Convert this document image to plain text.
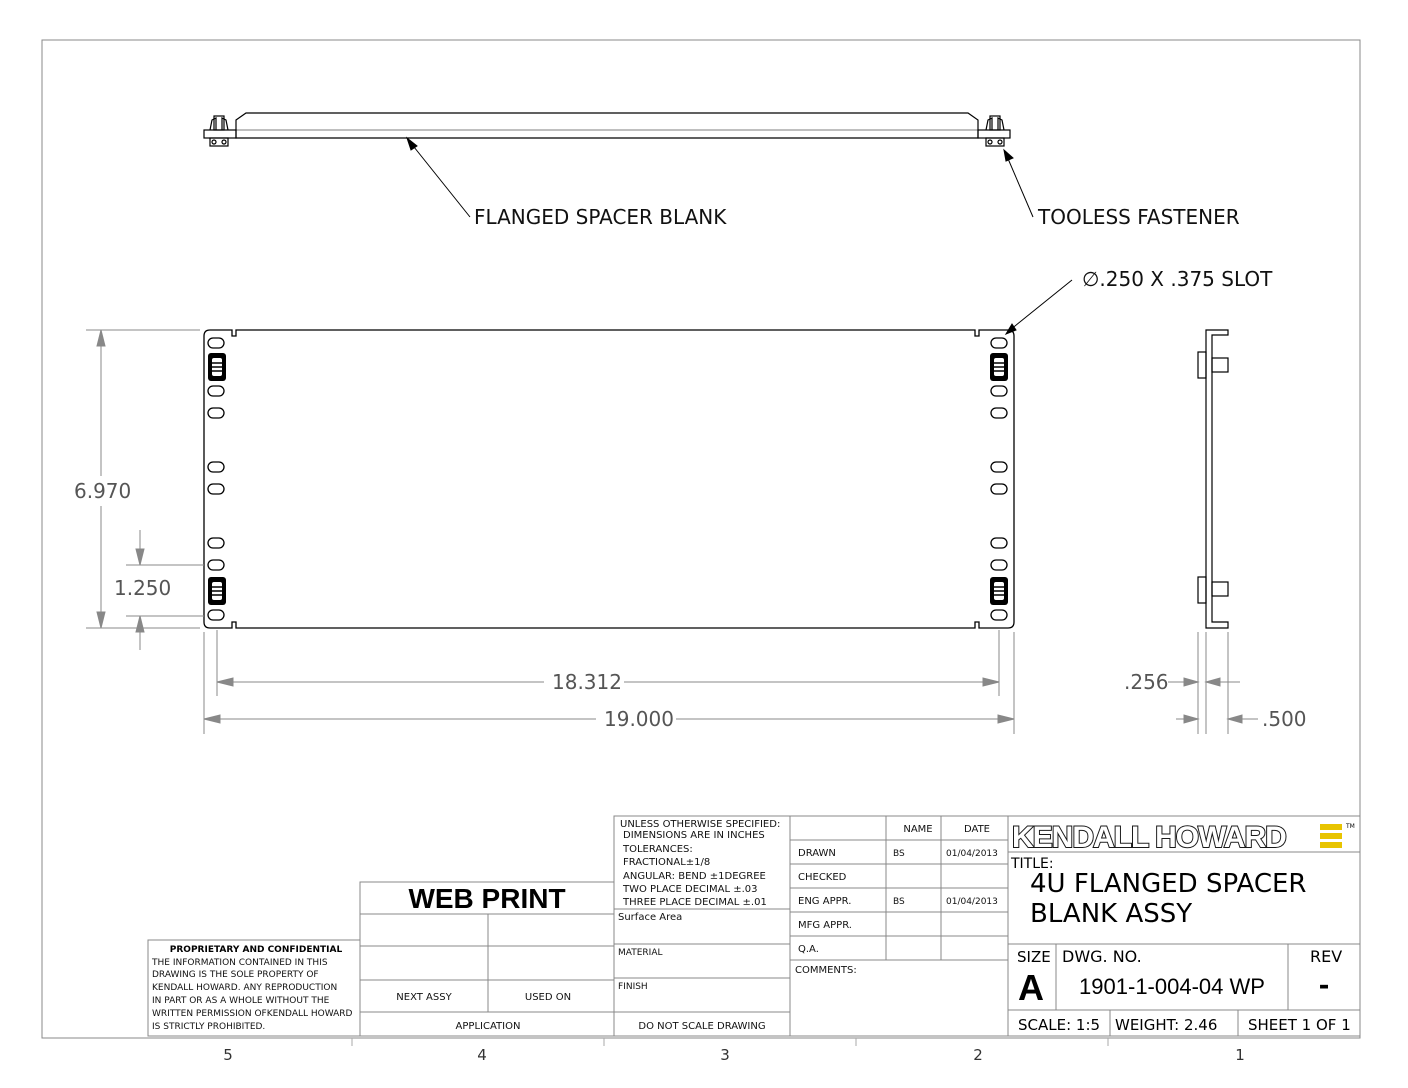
FLANGED SPACER BLANK	TOOLESS FASTENER
∅.250 X .375 SLOT
6.970
1.250
18.312
19.000
.256
.500
PROPRIETARY AND CONFIDENTIAL
THE INFORMATION CONTAINED IN THIS
DRAWING IS THE SOLE PROPERTY OF
KENDALL HOWARD. ANY REPRODUCTION
IN PART OR AS A WHOLE WITHOUT THE
WRITTEN PERMISSION OFKENDALL HOWARD
IS STRICTLY PROHIBITED.
WEB PRINT
NEXT ASSY	USED ON
APPLICATION
UNLESS OTHERWISE SPECIFIED:
DIMENSIONS ARE IN INCHES
TOLERANCES:
FRACTIONAL±1/8
ANGULAR: BEND ±1DEGREE
TWO PLACE DECIMAL ±.03
THREE PLACE DECIMAL ±.01
Surface Area
MATERIAL
FINISH
DO NOT SCALE DRAWING
NAME	DATE
DRAWN	BS	01/04/2013
CHECKED
ENG APPR.	BS	01/04/2013
MFG APPR.
Q.A.
COMMENTS:
KENDALL HOWARD	TM
TITLE:
4U FLANGED SPACER
BLANK ASSY
SIZE
A
DWG. NO.
1901-1-004-04 WP
REV
-
SCALE: 1:5 WEIGHT: 2.46 SHEET 1 OF 1
5	4	3	2	1
